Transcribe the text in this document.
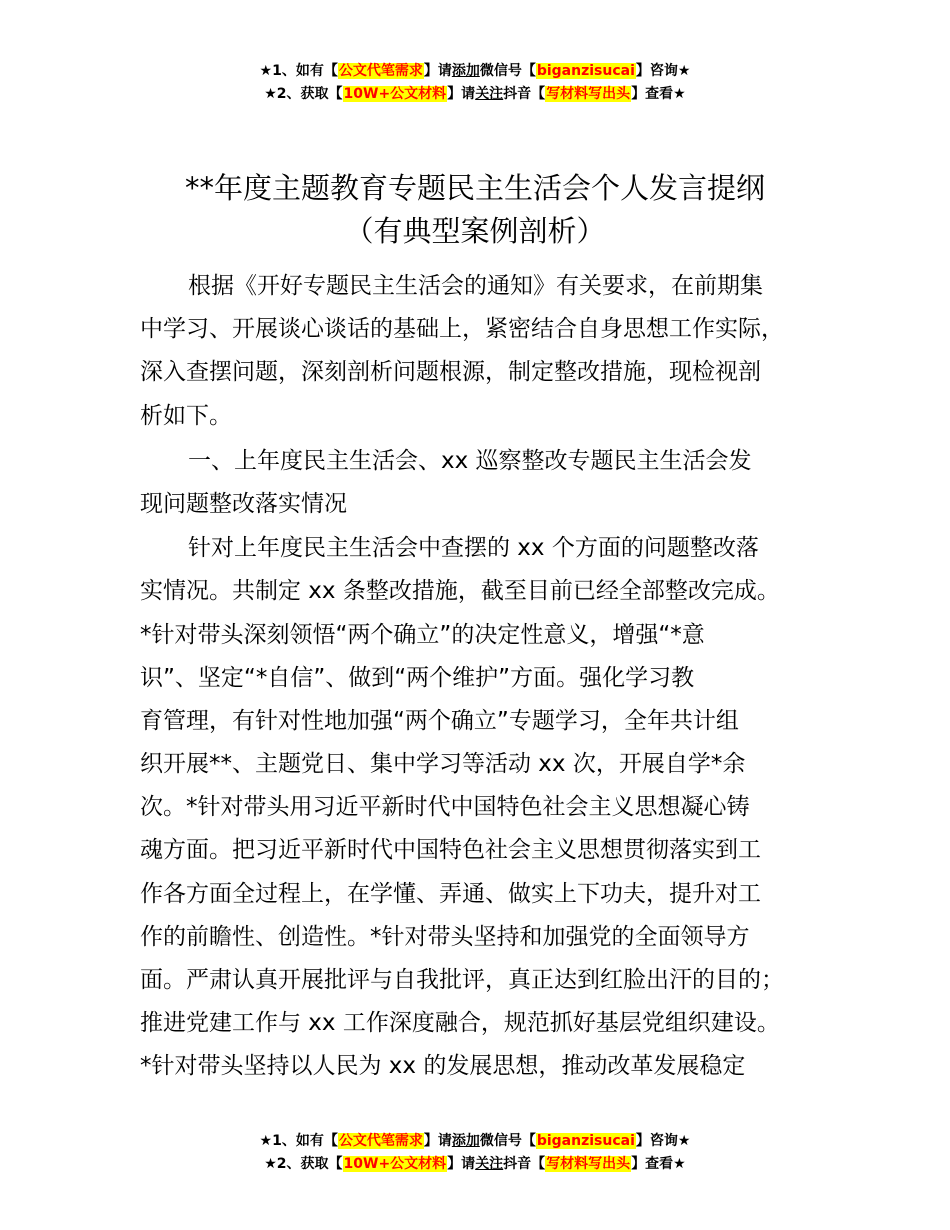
★1、如有【公文代笔需求】请添加微信号【biganzisucai】咨询★
★2、获取【10W+公文材料】请关注抖音【写材料写出头】查看★
**年度主题教育专题民主生活会个人发言提纲
（有典型案例剖析）
根据《开好专题民主生活会的通知》有关要求，在前期集
中学习、开展谈心谈话的基础上，紧密结合自身思想工作实际，
深入查摆问题，深刻剖析问题根源，制定整改措施，现检视剖
析如下。
一、上年度民主生活会、xx 巡察整改专题民主生活会发
现问题整改落实情况
针对上年度民主生活会中查摆的 xx 个方面的问题整改落
实情况。共制定 xx 条整改措施，截至目前已经全部整改完成。
*针对带头深刻领悟“两个确立”的决定性意义，增强“*意
识”、坚定“*自信”、做到“两个维护”方面。强化学习教
育管理，有针对性地加强“两个确立”专题学习，全年共计组
织开展**、主题党日、集中学习等活动 xx 次，开展自学*余
次。*针对带头用习近平新时代中国特色社会主义思想凝心铸
魂方面。把习近平新时代中国特色社会主义思想贯彻落实到工
作各方面全过程上，在学懂、弄通、做实上下功夫，提升对工
作的前瞻性、创造性。*针对带头坚持和加强党的全面领导方
面。严肃认真开展批评与自我批评，真正达到红脸出汗的目的；
推进党建工作与 xx 工作深度融合，规范抓好基层党组织建设。
*针对带头坚持以人民为 xx 的发展思想，推动改革发展稳定
★1、如有【公文代笔需求】请添加微信号【biganzisucai】咨询★
★2、获取【10W+公文材料】请关注抖音【写材料写出头】查看★
